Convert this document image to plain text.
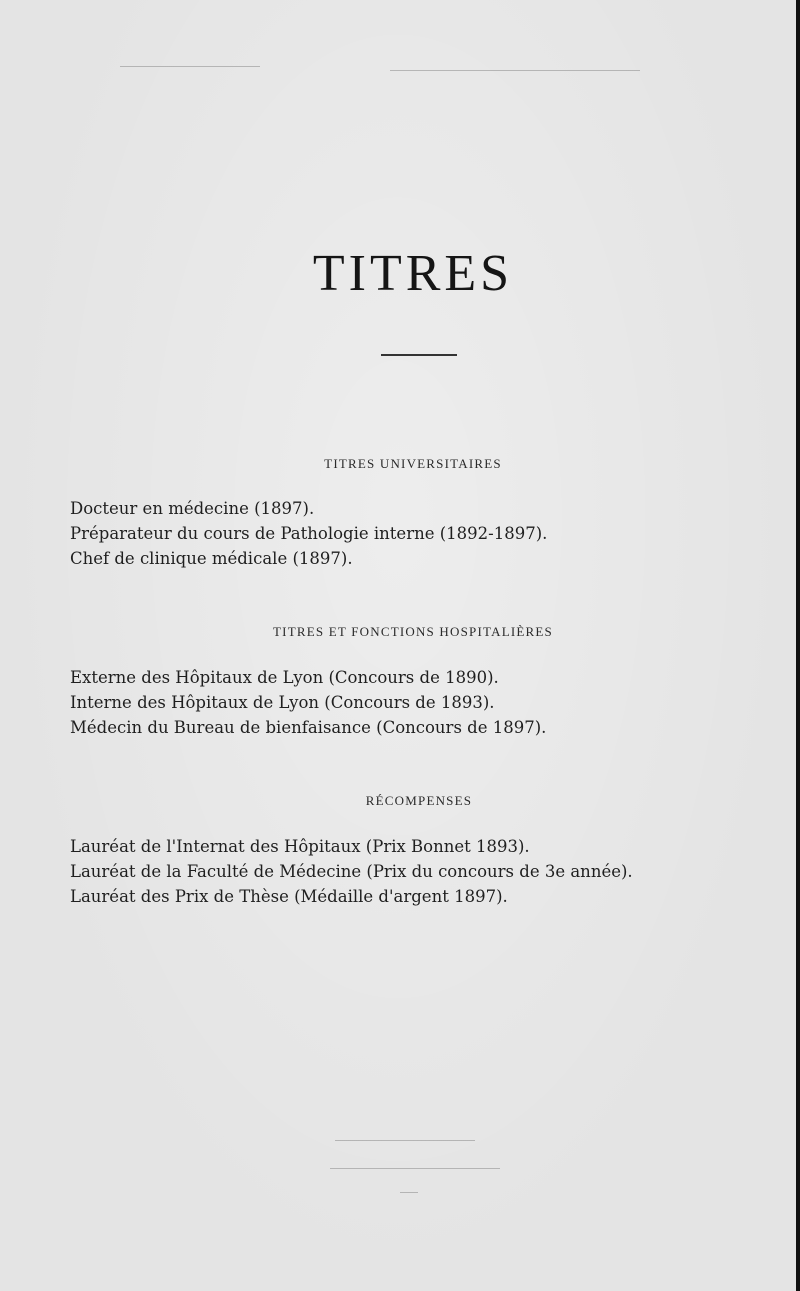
TITRES
TITRES UNIVERSITAIRES
Docteur en médecine (1897).
Préparateur du cours de Pathologie interne (1892-1897).
Chef de clinique médicale (1897).
TITRES ET FONCTIONS HOSPITALIÈRES
Externe des Hôpitaux de Lyon (Concours de 1890).
Interne des Hôpitaux de Lyon (Concours de 1893).
Médecin du Bureau de bienfaisance (Concours de 1897).
RÉCOMPENSES
Lauréat de l'Internat des Hôpitaux (Prix Bonnet 1893).
Lauréat de la Faculté de Médecine (Prix du concours de 3e année).
Lauréat des Prix de Thèse (Médaille d'argent 1897).
